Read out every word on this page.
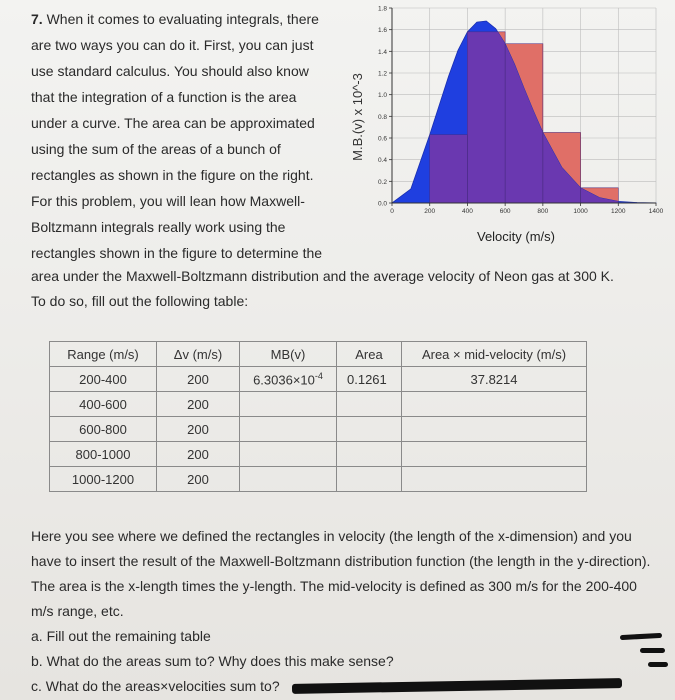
7. When it comes to evaluating integrals, there

are two ways you can do it. First, you can just

use standard calculus. You should also know

that the integration of a function is the area

under a curve. The area can be approximated

using the sum of the areas of a bunch of

rectangles as shown in the figure on the right.

For this problem, you will lean how Maxwell-

Boltzmann integrals really work using the

rectangles shown in the figure to determine the
area under the Maxwell-Boltzmann distribution and the average velocity of Neon gas at 300 K.
To do so, fill out the following table:
0.0
0.2
0.4
0.6
0.8
1.0
1.2
1.4
1.6
1.8
0	200	400	600	800	1000	1200	1400
M.B.(v) x 10^-3
Velocity (m/s)
Range (m/s)	Δv (m/s)	MB(v)	Area	Area × mid-velocity (m/s)
200-400	200	$6.3036\times 10^{-4}$	0.1261	37.8214
400-600	200			
600-800	200			
800-1000	200			
1000-1200	200			

Here you see where we defined the rectangles in velocity (the length of the x-dimension) and you have to insert the result of the Maxwell-Boltzmann distribution function (the length in the y-direction). The area is the x-length times the y-length. The mid-velocity is defined as 300 m/s for the 200-400 m/s range, etc.

a. Fill out the remaining table

b. What do the areas sum to? Why does this make sense?

c. What do the areas×velocities sum to?
